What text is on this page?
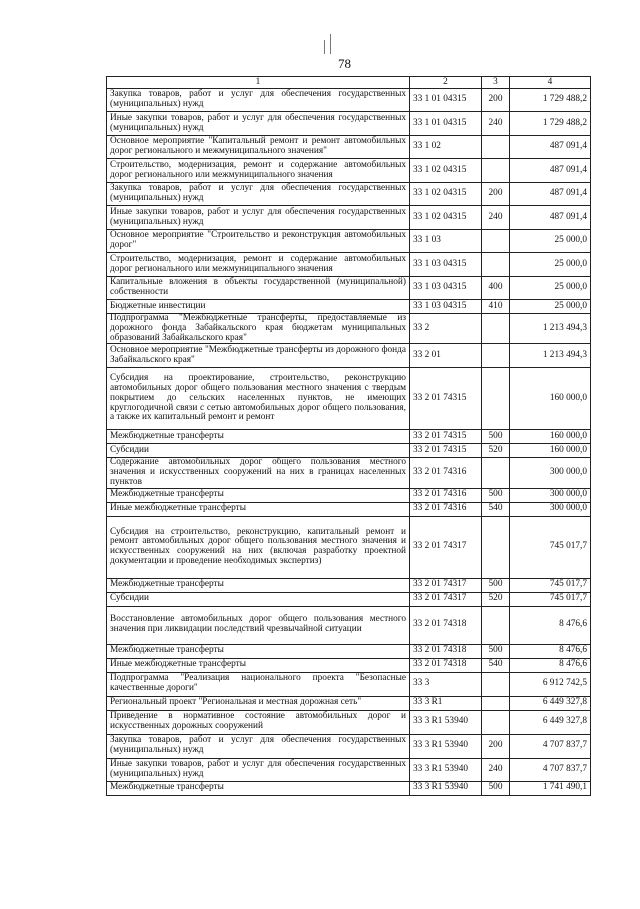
78
1	2	3	4
Закупка товаров, работ и услуг для обеспечения государственных (муниципальных) нужд	33 1 01 04315	200	1 729 488,2
Иные закупки товаров, работ и услуг для обеспечения государственных (муниципальных) нужд	33 1 01 04315	240	1 729 488,2
Основное мероприятие "Капитальный ремонт и ремонт автомобильных дорог регионального и межмуниципального значения"	33 1 02		487 091,4
Строительство, модернизация, ремонт и содержание автомобильных дорог регионального или межмуниципального значения	33 1 02 04315		487 091,4
Закупка товаров, работ и услуг для обеспечения государственных (муниципальных) нужд	33 1 02 04315	200	487 091,4
Иные закупки товаров, работ и услуг для обеспечения государственных (муниципальных) нужд	33 1 02 04315	240	487 091,4
Основное мероприятие "Строительство и реконструкция автомобильных дорог"	33 1 03		25 000,0
Строительство, модернизация, ремонт и содержание автомобильных дорог регионального или межмуниципального значения	33 1 03 04315		25 000,0
Капитальные вложения в объекты государственной (муниципальной) собственности	33 1 03 04315	400	25 000,0
Бюджетные инвестиции	33 1 03 04315	410	25 000,0
Подпрограмма "Межбюджетные трансферты, предоставляемые из дорожного фонда Забайкальского края бюджетам муниципальных образований Забайкальского края"	33 2		1 213 494,3
Основное мероприятие "Межбюджетные трансферты из дорожного фонда Забайкальского края"	33 2 01		1 213 494,3
Субсидия на проектирование, строительство, реконструкцию автомобильных дорог общего пользования местного значения с твердым покрытием до сельских населенных пунктов, не имеющих круглогодичной связи с сетью автомобильных дорог общего пользования, а также их капитальный ремонт и ремонт	33 2 01 74315		160 000,0
Межбюджетные трансферты	33 2 01 74315	500	160 000,0
Субсидии	33 2 01 74315	520	160 000,0
Содержание автомобильных дорог общего пользования местного значения и искусственных сооружений на них в границах населенных пунктов	33 2 01 74316		300 000,0
Межбюджетные трансферты	33 2 01 74316	500	300 000,0
Иные межбюджетные трансферты	33 2 01 74316	540	300 000,0
Субсидия на строительство, реконструкцию, капитальный ремонт и ремонт автомобильных дорог общего пользования местного значения и искусственных сооружений на них (включая разработку проектной документации и проведение необходимых экспертиз)	33 2 01 74317		745 017,7
Межбюджетные трансферты	33 2 01 74317	500	745 017,7
Субсидии	33 2 01 74317	520	745 017,7
Восстановление автомобильных дорог общего пользования местного значения при ликвидации последствий чрезвычайной ситуации	33 2 01 74318		8 476,6
Межбюджетные трансферты	33 2 01 74318	500	8 476,6
Иные межбюджетные трансферты	33 2 01 74318	540	8 476,6
Подпрограмма "Реализация национального проекта "Безопасные качественные дороги"	33 3		6 912 742,5
Региональный проект "Региональная и местная дорожная сеть"	33 3 R1		6 449 327,8
Приведение в нормативное состояние автомобильных дорог и искусственных дорожных сооружений	33 3 R1 53940		6 449 327,8
Закупка товаров, работ и услуг для обеспечения государственных (муниципальных) нужд	33 3 R1 53940	200	4 707 837,7
Иные закупки товаров, работ и услуг для обеспечения государственных (муниципальных) нужд	33 3 R1 53940	240	4 707 837,7
Межбюджетные трансферты	33 3 R1 53940	500	1 741 490,1
